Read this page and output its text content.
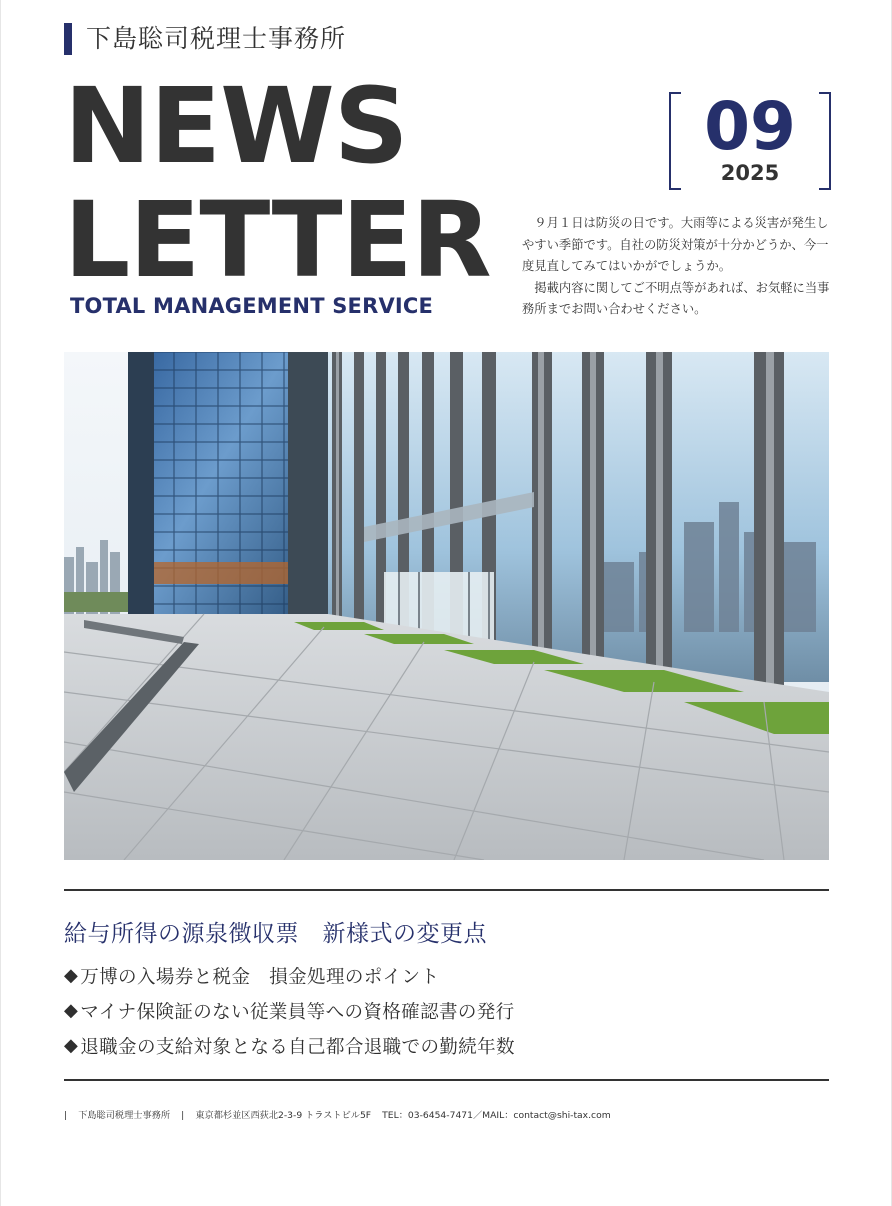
下島聡司税理士事務所
NEWS
LETTER
TOTAL MANAGEMENT SERVICE
09
2025

９月１日は防災の日です。大雨等による災害が発生しやすい季節です。自社の防災対策が十分かどうか、今一度見直してみてはいかがでしょうか。

掲載内容に関してご不明点等があれば、お気軽に当事務所までお問い合わせください。

給与所得の源泉徴収票　新様式の変更点
◆ 万博の入場券と税金　損金処理のポイント
◆ マイナ保険証のない従業員等への資格確認書の発行
◆ 退職金の支給対象となる自己都合退職での勤続年数
| 下島聡司税理士事務所 | 東京都杉並区西荻北2-3-9 トラストビル5F TEL：03-6454-7471／MAIL：contact@shi-tax.com
